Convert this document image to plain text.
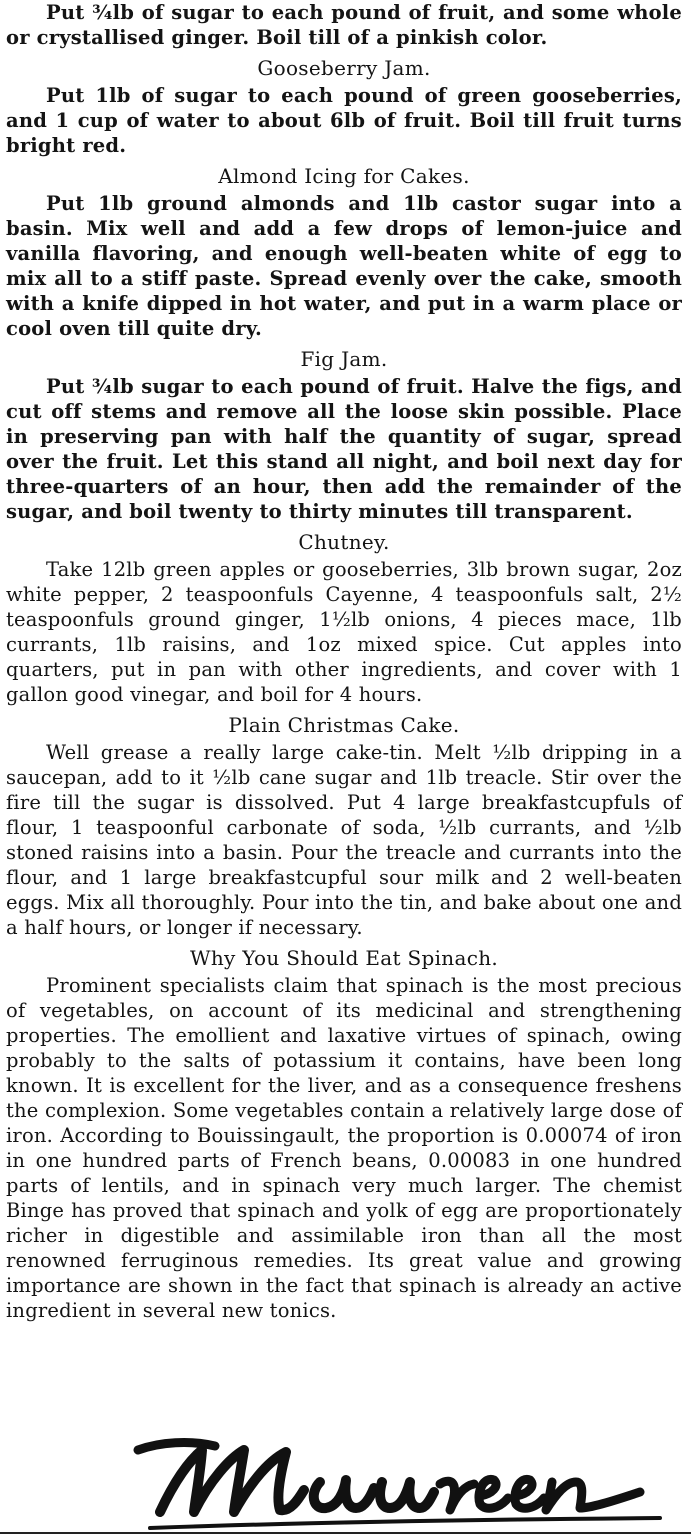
Put ¾lb of sugar to each pound of fruit, and some whole or crystallised ginger. Boil till of a pinkish color.

Gooseberry Jam.

Put 1lb of sugar to each pound of green gooseberries, and 1 cup of water to about 6lb of fruit. Boil till fruit turns bright red.

Almond Icing for Cakes.

Put 1lb ground almonds and 1lb castor sugar into a basin. Mix well and add a few drops of lemon-juice and vanilla flavoring, and enough well-beaten white of egg to mix all to a stiff paste. Spread evenly over the cake, smooth with a knife dipped in hot water, and put in a warm place or cool oven till quite dry.

Fig Jam.

Put ¾lb sugar to each pound of fruit. Halve the figs, and cut off stems and remove all the loose skin possible. Place in preserving pan with half the quantity of sugar, spread over the fruit. Let this stand all night, and boil next day for three-quarters of an hour, then add the remainder of the sugar, and boil twenty to thirty minutes till transparent.

Chutney.

Take 12lb green apples or gooseberries, 3lb brown sugar, 2oz white pepper, 2 teaspoonfuls Cayenne, 4 teaspoonfuls salt, 2½ teaspoonfuls ground ginger, 1½lb onions, 4 pieces mace, 1lb currants, 1lb raisins, and 1oz mixed spice. Cut apples into quarters, put in pan with other ingredients, and cover with 1 gallon good vinegar, and boil for 4 hours.

Plain Christmas Cake.

Well grease a really large cake-tin. Melt ½lb dripping in a saucepan, add to it ½lb cane sugar and 1lb treacle. Stir over the fire till the sugar is dissolved. Put 4 large breakfastcupfuls of flour, 1 teaspoonful carbonate of soda, ½lb currants, and ½lb stoned raisins into a basin. Pour the treacle and currants into the flour, and 1 large breakfastcupful sour milk and 2 well-beaten eggs. Mix all thoroughly. Pour into the tin, and bake about one and a half hours, or longer if necessary.

Why You Should Eat Spinach.

Prominent specialists claim that spinach is the most precious of vegetables, on account of its medicinal and strengthening properties. The emollient and laxative virtues of spinach, owing probably to the salts of potassium it contains, have been long known. It is excellent for the liver, and as a consequence freshens the complexion. Some vegetables contain a relatively large dose of iron. According to Bouissingault, the proportion is 0.00074 of iron in one hundred parts of French beans, 0.00083 in one hundred parts of lentils, and in spinach very much larger. The chemist Binge has proved that spinach and yolk of egg are proportionately richer in digestible and assimilable iron than all the most renowned ferruginous remedies. Its great value and growing importance are shown in the fact that spinach is already an active ingredient in several new tonics.
